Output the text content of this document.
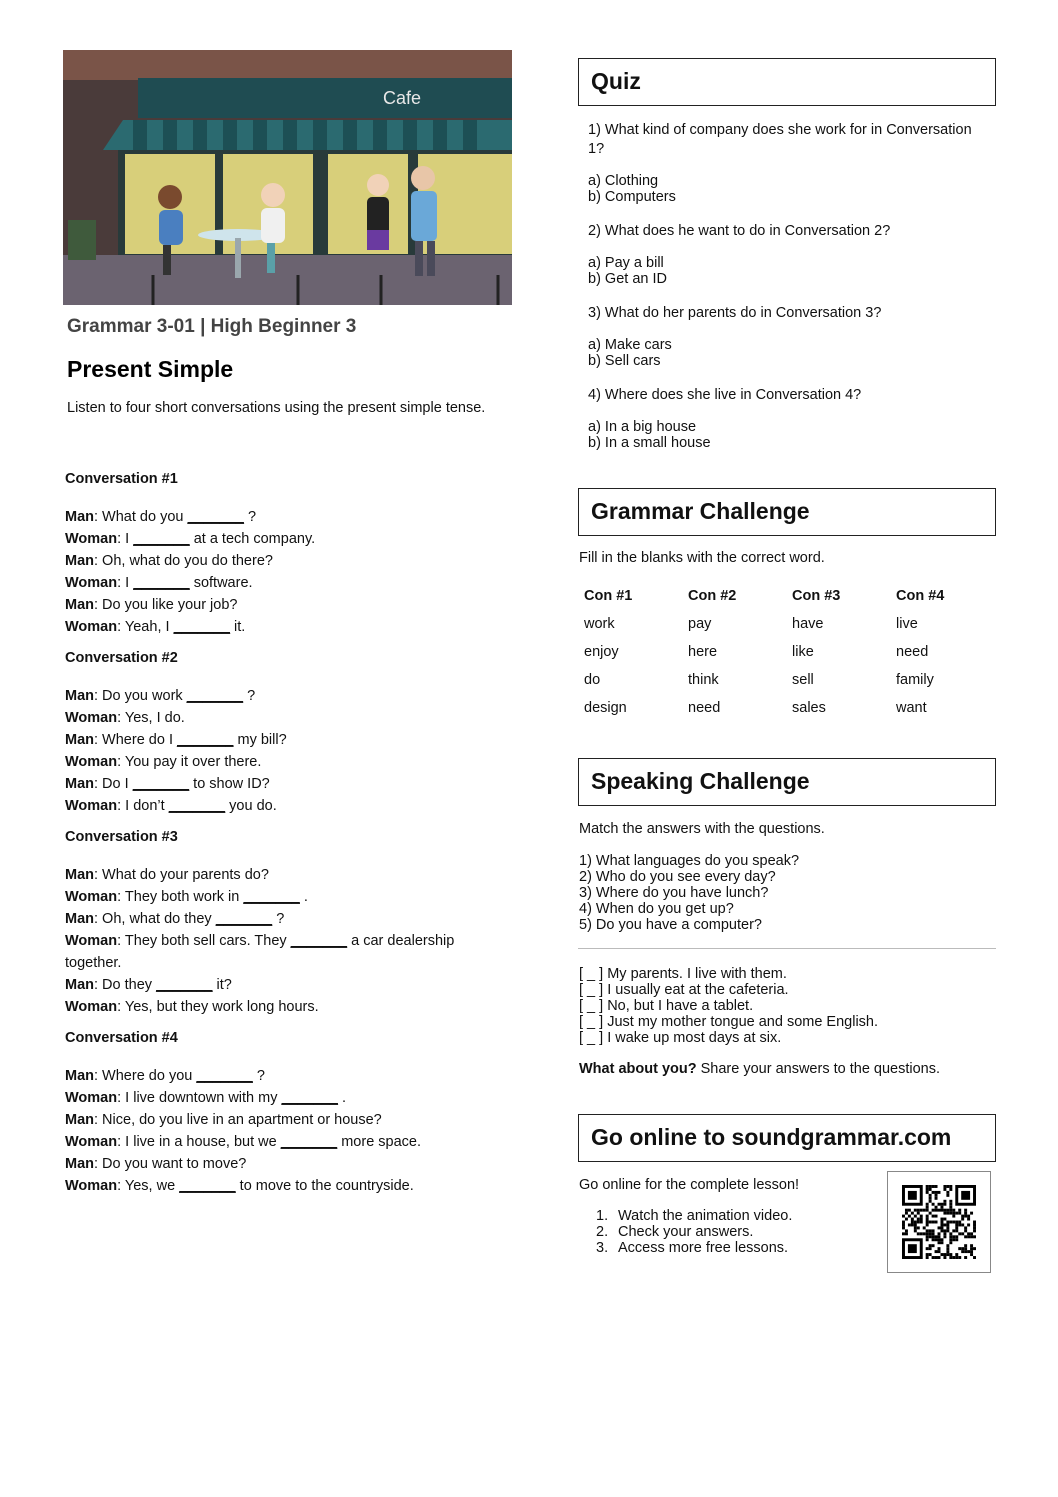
Cafe
Grammar 3-01 | High Beginner 3
Present Simple
Listen to four short conversations using the present simple tense.
Conversation #1
Man: What do you _______ ?
Woman: I _______ at a tech company.
Man: Oh, what do you do there?
Woman: I _______ software.
Man: Do you like your job?
Woman: Yeah, I _______ it.
Conversation #2
Man: Do you work _______ ?
Woman: Yes, I do.
Man: Where do I _______ my bill?
Woman: You pay it over there.
Man: Do I _______ to show ID?
Woman: I don’t _______ you do.
Conversation #3
Man: What do your parents do?
Woman: They both work in _______ .
Man: Oh, what do they _______ ?
Woman: They both sell cars. They _______ a car dealership together.
Man: Do they _______ it?
Woman: Yes, but they work long hours.
Conversation #4
Man: Where do you _______ ?
Woman: I live downtown with my _______ .
Man: Nice, do you live in an apartment or house?
Woman: I live in a house, but we _______ more space.
Man: Do you want to move?
Woman: Yes, we _______ to move to the countryside.
Quiz
1) What kind of company does she work for in Conversation 1?
a) Clothing
b) Computers
2) What does he want to do in Conversation 2?
a) Pay a bill
b) Get an ID
3) What do her parents do in Conversation 3?
a) Make cars
b) Sell cars
4) Where does she live in Conversation 4?
a) In a big house
b) In a small house
Grammar Challenge
Fill in the blanks with the correct word.
Con #1	Con #2	Con #3	Con #4
work	pay	have	live
enjoy	here	like	need
do	think	sell	family
design	need	sales	want
Speaking Challenge
Match the answers with the questions.
1) What languages do you speak?
2) Who do you see every day?
3) Where do you have lunch?
4) When do you get up?
5) Do you have a computer?
[ _ ] My parents. I live with them.
[ _ ] I usually eat at the cafeteria.
[ _ ] No, but I have a tablet.
[ _ ] Just my mother tongue and some English.
[ _ ] I wake up most days at six.
What about you? Share your answers to the questions.
Go online to soundgrammar.com
Go online for the complete lesson!
1. Watch the animation video.
2. Check your answers.
3. Access more free lessons.
